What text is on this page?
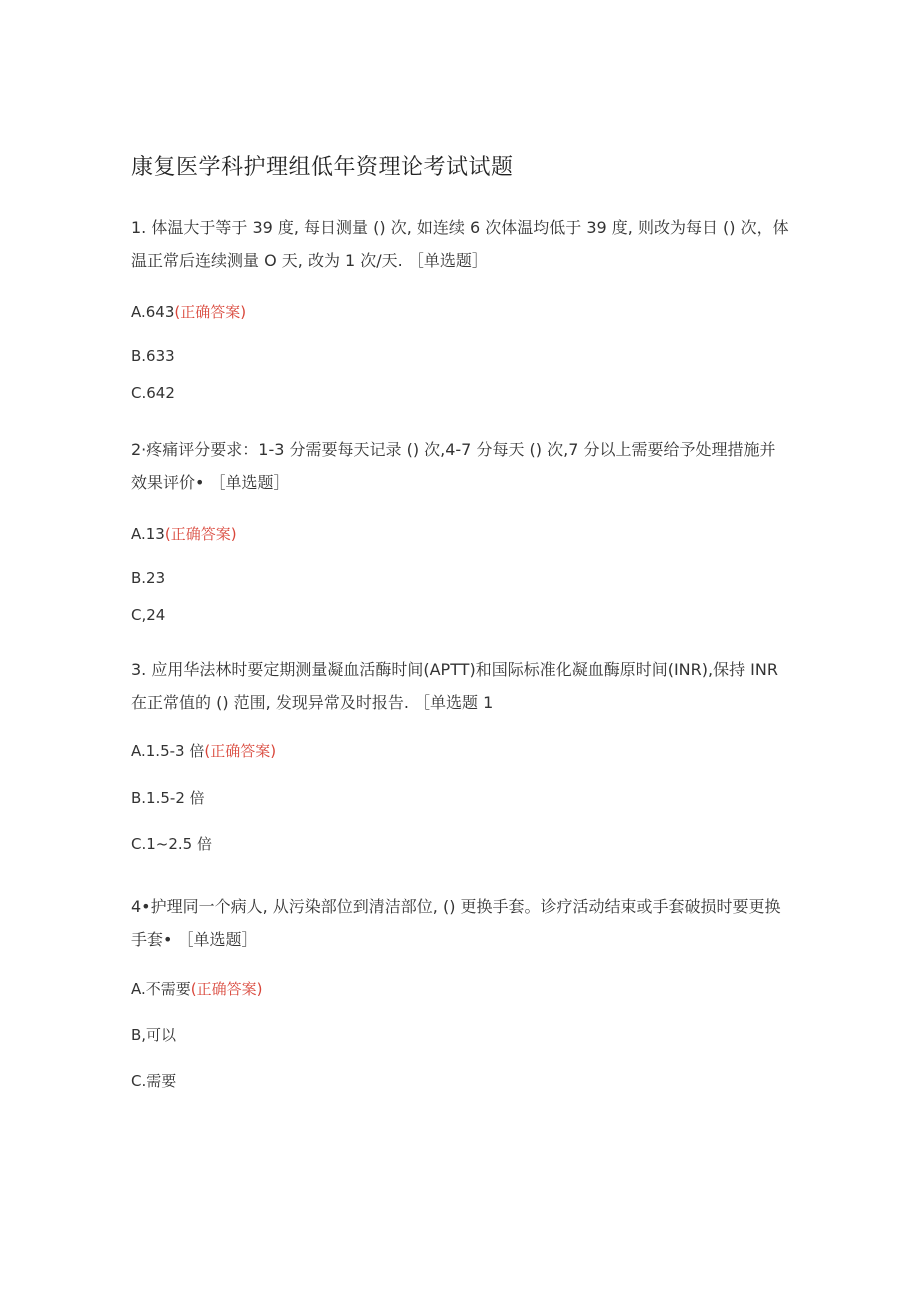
康复医学科护理组低年资理论考试试题
1. 体温大于等于 39 度, 每日测量 () 次, 如连续 6 次体温均低于 39 度, 则改为每日 () 次，体温正常后连续测量 O 天, 改为 1 次/天. ［单选题］
A.643(正确答案)
B.633
C.642
2·疼痛评分要求：1-3 分需要每天记录 () 次,4-7 分每天 () 次,7 分以上需要给予处理措施并效果评价• ［单选题］
A.13(正确答案)
B.23
C,24
3. 应用华法林时要定期测量凝血活酶时间(APTT)和国际标准化凝血酶原时间(INR),保持 INR 在正常值的 () 范围, 发现异常及时报告. ［单选题 1
A.1.5-3 倍(正确答案)
B.1.5-2 倍
C.1~2.5 倍
4•护理同一个病人, 从污染部位到清洁部位, () 更换手套。诊疗活动结束或手套破损时要更换手套• ［单选题］
A.不需要(正确答案)
B,可以
C.需要
